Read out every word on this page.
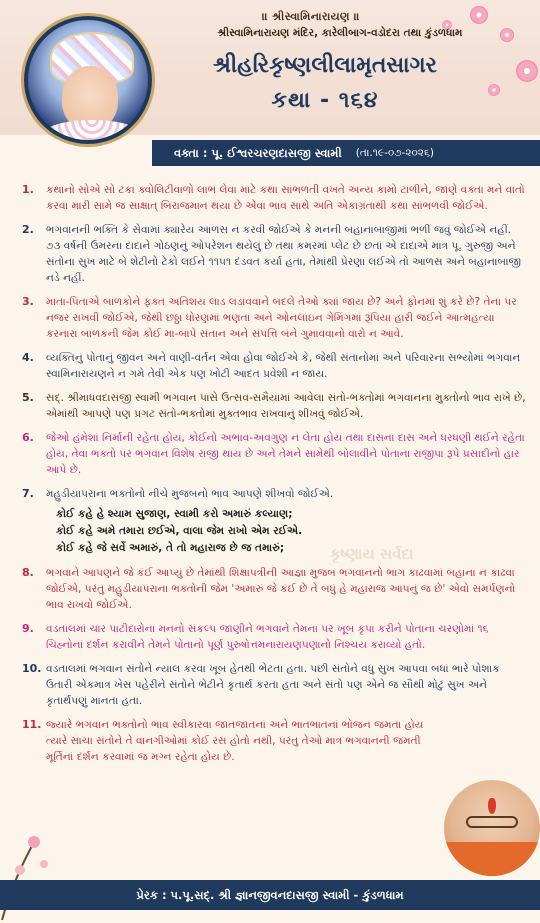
॥ શ્રીસ્વામિનારાયણ ॥
શ્રીસ્વામિનારાયણ મંદિર, કારેલીબાગ-વડોદરા તથા કુંડળધામ
શ્રીહરિકૃષ્ણલીલામૃતસાગર
કથા - ૧૬૪
વક્તા : પૂ. ઈશ્વરચરણદાસજી સ્વામી (તા.૧૯-૦૭-૨૦૨૬)
કૃષ્ણાય સર્વદા
1. કથાનો સોએ સો ટકા ક્વોલિટીવાળો લાભ લેવા માટે કથા સાંભળતી વખતે અન્ય કામો ટાળીને, જાણે વક્તા મને વાતો કરવા મારી સામે જ સાક્ષાત્ બિરાજમાન થયા છે એવા ભાવ સાથે અતિ એકાગ્રતાથી કથા સાંભળવી જોઈએ.
2. ભગવાનની ભક્તિ કે સેવામાં ક્યારેય આળસ ન કરવી જોઈએ કે મનની બહાનાબાજીમાં ભળી જવું જોઈએ નહીં. ૭૩ વર્ષની ઉંમરના દાદાને ગોઠણનું ઓપરેશન થયેલું છે તથા કમરમાં પ્લેટ છે છતાં એ દાદાએ માત્ર પૂ. ગુરુજી અને સંતોના સુખ માટે બે શેટીનો ટેકો લઈને ૧૧૫૧ દંડવત કર્યા હતા, તેમાંથી પ્રેરણા લઈએ તો આળસ અને બહાનાબાજી નડે નહીં.
3. માતા-પિતાએ બાળકોને ફક્ત અતિશય લાડ લડાવવાને બદલે તેઓ ક્યાં જાય છે? અને ફોનમાં શું કરે છે? તેના પર નજર રાખવી જોઈએ, જેથી છઠ્ઠા ધોરણમાં ભણતા અને ઓનલાઇન ગેમિંગમાં રૂપિયા હારી જઈને આત્મહત્યા કરનારા બાળકની જેમ કોઈ મા-બાપે સંતાન અને સંપત્તિ બંને ગુમાવવાનો વારો ન આવે.
4. વ્યક્તિનું પોતાનું જીવન અને વાણી-વર્તન એવા હોવા જોઈએ કે, જેથી સંતાનોમાં અને પરિવારના સભ્યોમાં ભગવાન સ્વામિનારાયણને ન ગમે તેવી એક પણ ખોટી આદત પ્રવેશી ન જાય.
5. સદ્. શ્રીમાધવદાસજી સ્વામી ભગવાન પાસે ઉત્સવ-સમૈયામાં આવેલા સંતો-ભક્તોમાં ભગવાનના મુક્તોનો ભાવ રાખે છે, એમાંથી આપણે પણ પ્રગટ સંતો-ભક્તોમાં મુક્તભાવ રાખવાનું શીખવું જોઈએ.
6. જેઓ હંમેશાં નિર્માની રહેતા હોય, કોઈનો અભાવ-અવગુણ ન લેતા હોય તથા દાસના દાસ અને ધરધણી થઈને રહેતા હોય, તેવા ભક્તો પર ભગવાન વિશેષ રાજી થાય છે અને તેમને સામેથી બોલાવીને પોતાના રાજીપા રૂપે પ્રસાદીનો હાર આપે છે.
7. મહુડીયાપરાના ભક્તોનો નીચે મુજબનો ભાવ આપણે શીખવો જોઈએ.
કોઈ કહે હે શ્યામ સુજાણ, સ્વામી કરો અમારું કલ્યાણ;
કોઈ કહે અમે તમારા છઈએ, વાલા જેમ રાખો એમ રઈએ.
કોઈ કહે જે સર્વે અમારું, તે તો મહારાજ છે જ તમારું;
8. ભગવાને આપણને જે કંઈ આપ્યું છે તેમાંથી શિક્ષાપત્રીની આજ્ઞા મુજબ ભગવાનનો ભાગ કાઢવામાં બહાના ન કાઢવા જોઈએ, પરંતુ મહુડીયાપરાના ભક્તોની જેમ 'અમારું જે કંઈ છે તે બધું હે મહારાજ આપનું જ છે' એવો સમર્પણનો ભાવ રાખવો જોઈએ.
9. વડતાલમાં ચાર પાટીદારોના મનનો સંકલ્પ જાણીને ભગવાને તેમના પર ખૂબ કૃપા કરીને પોતાના ચરણોમાં ૧૬ ચિહ્નોનાં દર્શન કરાવીને તેમને પોતાનો પૂર્ણ પુરુષોત્તમનારાયણપણાનો નિશ્ચય કરાવ્યો હતો.
10. વડતાલમાં ભગવાન સંતોને ન્યાલ કરવા ખૂબ હેતથી ભેટતા હતા. પછી સંતોને વધુ સુખ આપવા બધાં ભારે પોશાક ઉતારી એકમાત્ર ખેસ પહેરીને સંતોને ભેટીને કૃતાર્થ કરતા હતા અને સંતો પણ એને જ સૌથી મોટું સુખ અને કૃતાર્થપણું માનતા હતા.
11. જ્યારે ભગવાન ભક્તોનો ભાવ સ્વીકારવા જાતજાતનાં અને ભાતભાતનાં ભોજન જમતા હોય ત્યારે સાચા સંતોને તે વાનગીઓમાં કોઈ રસ હોતો નથી, પરંતુ તેઓ માત્ર ભગવાનની જમતી મૂર્તિનાં દર્શન કરવામાં જ મગ્ન રહેતા હોય છે.
પ્રેરક : પ.પૂ.સદ્. શ્રી જ્ઞાનજીવનદાસજી સ્વામી - કુંડળધામ
